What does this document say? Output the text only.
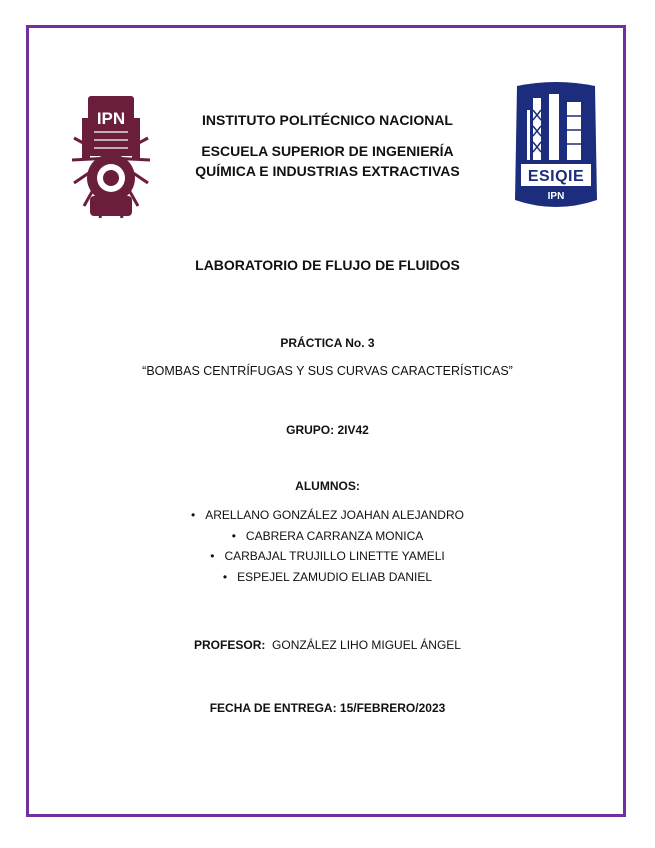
IPN
ESIQIE
IPN
INSTITUTO POLITÉCNICO NACIONAL
ESCUELA SUPERIOR DE INGENIERÍA
QUÍMICA E INDUSTRIAS EXTRACTIVAS
LABORATORIO DE FLUJO DE FLUIDOS
PRÁCTICA No. 3
“BOMBAS CENTRÍFUGAS Y SUS CURVAS CARACTERÍSTICAS”
GRUPO: 2IV42
ALUMNOS:
• ARELLANO GONZÁLEZ JOAHAN ALEJANDRO
• CABRERA CARRANZA MONICA
• CARBAJAL TRUJILLO LINETTE YAMELI
• ESPEJEL ZAMUDIO ELIAB DANIEL
PROFESOR: GONZÁLEZ LIHO MIGUEL ÁNGEL
FECHA DE ENTREGA: 15/FEBRERO/2023
